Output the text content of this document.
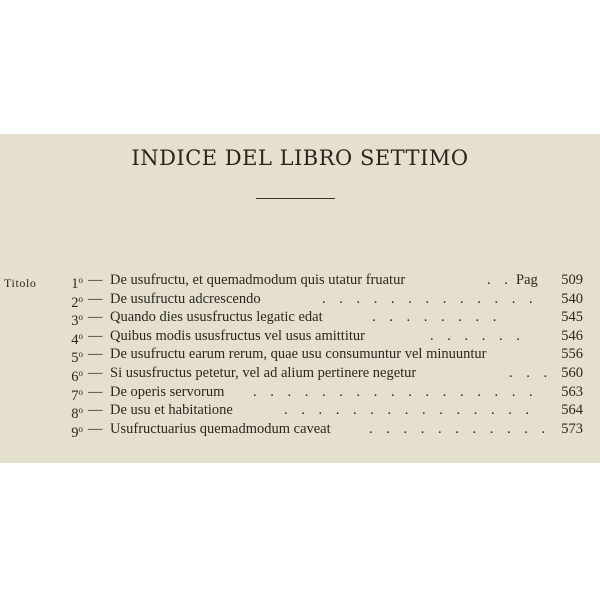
INDICE DEL LIBRO SETTIMO
Titolo	1$^o$ — De usufructu, et quemadmodum quis utatur fruatur	. . Pag 509
2$^o$ — De usufructu adcrescendo	. . . . . . . . . . . . . 540
3$^o$ — Quando dies ususfructus legatic edat	. . . . . . . .	545
4$^o$ — Quibus modis ususfructus vel usus amittitur	. . . . . .	546
5$^o$ — De usufructu earum rerum, quae usu consumuntur vel minuuntur	556
6$^o$ — Si ususfructus petetur, vel ad alium pertinere negetur	. . . 560
7$^o$ — De operis servorum . . . . . . . . . . . . . . . . . 563
8$^o$ — De usu et habitatione	. . . . . . . . . . . . . . . 564
9$^o$ — Usufructuarius quemadmodum caveat	. . . . . . . . . . . 573
